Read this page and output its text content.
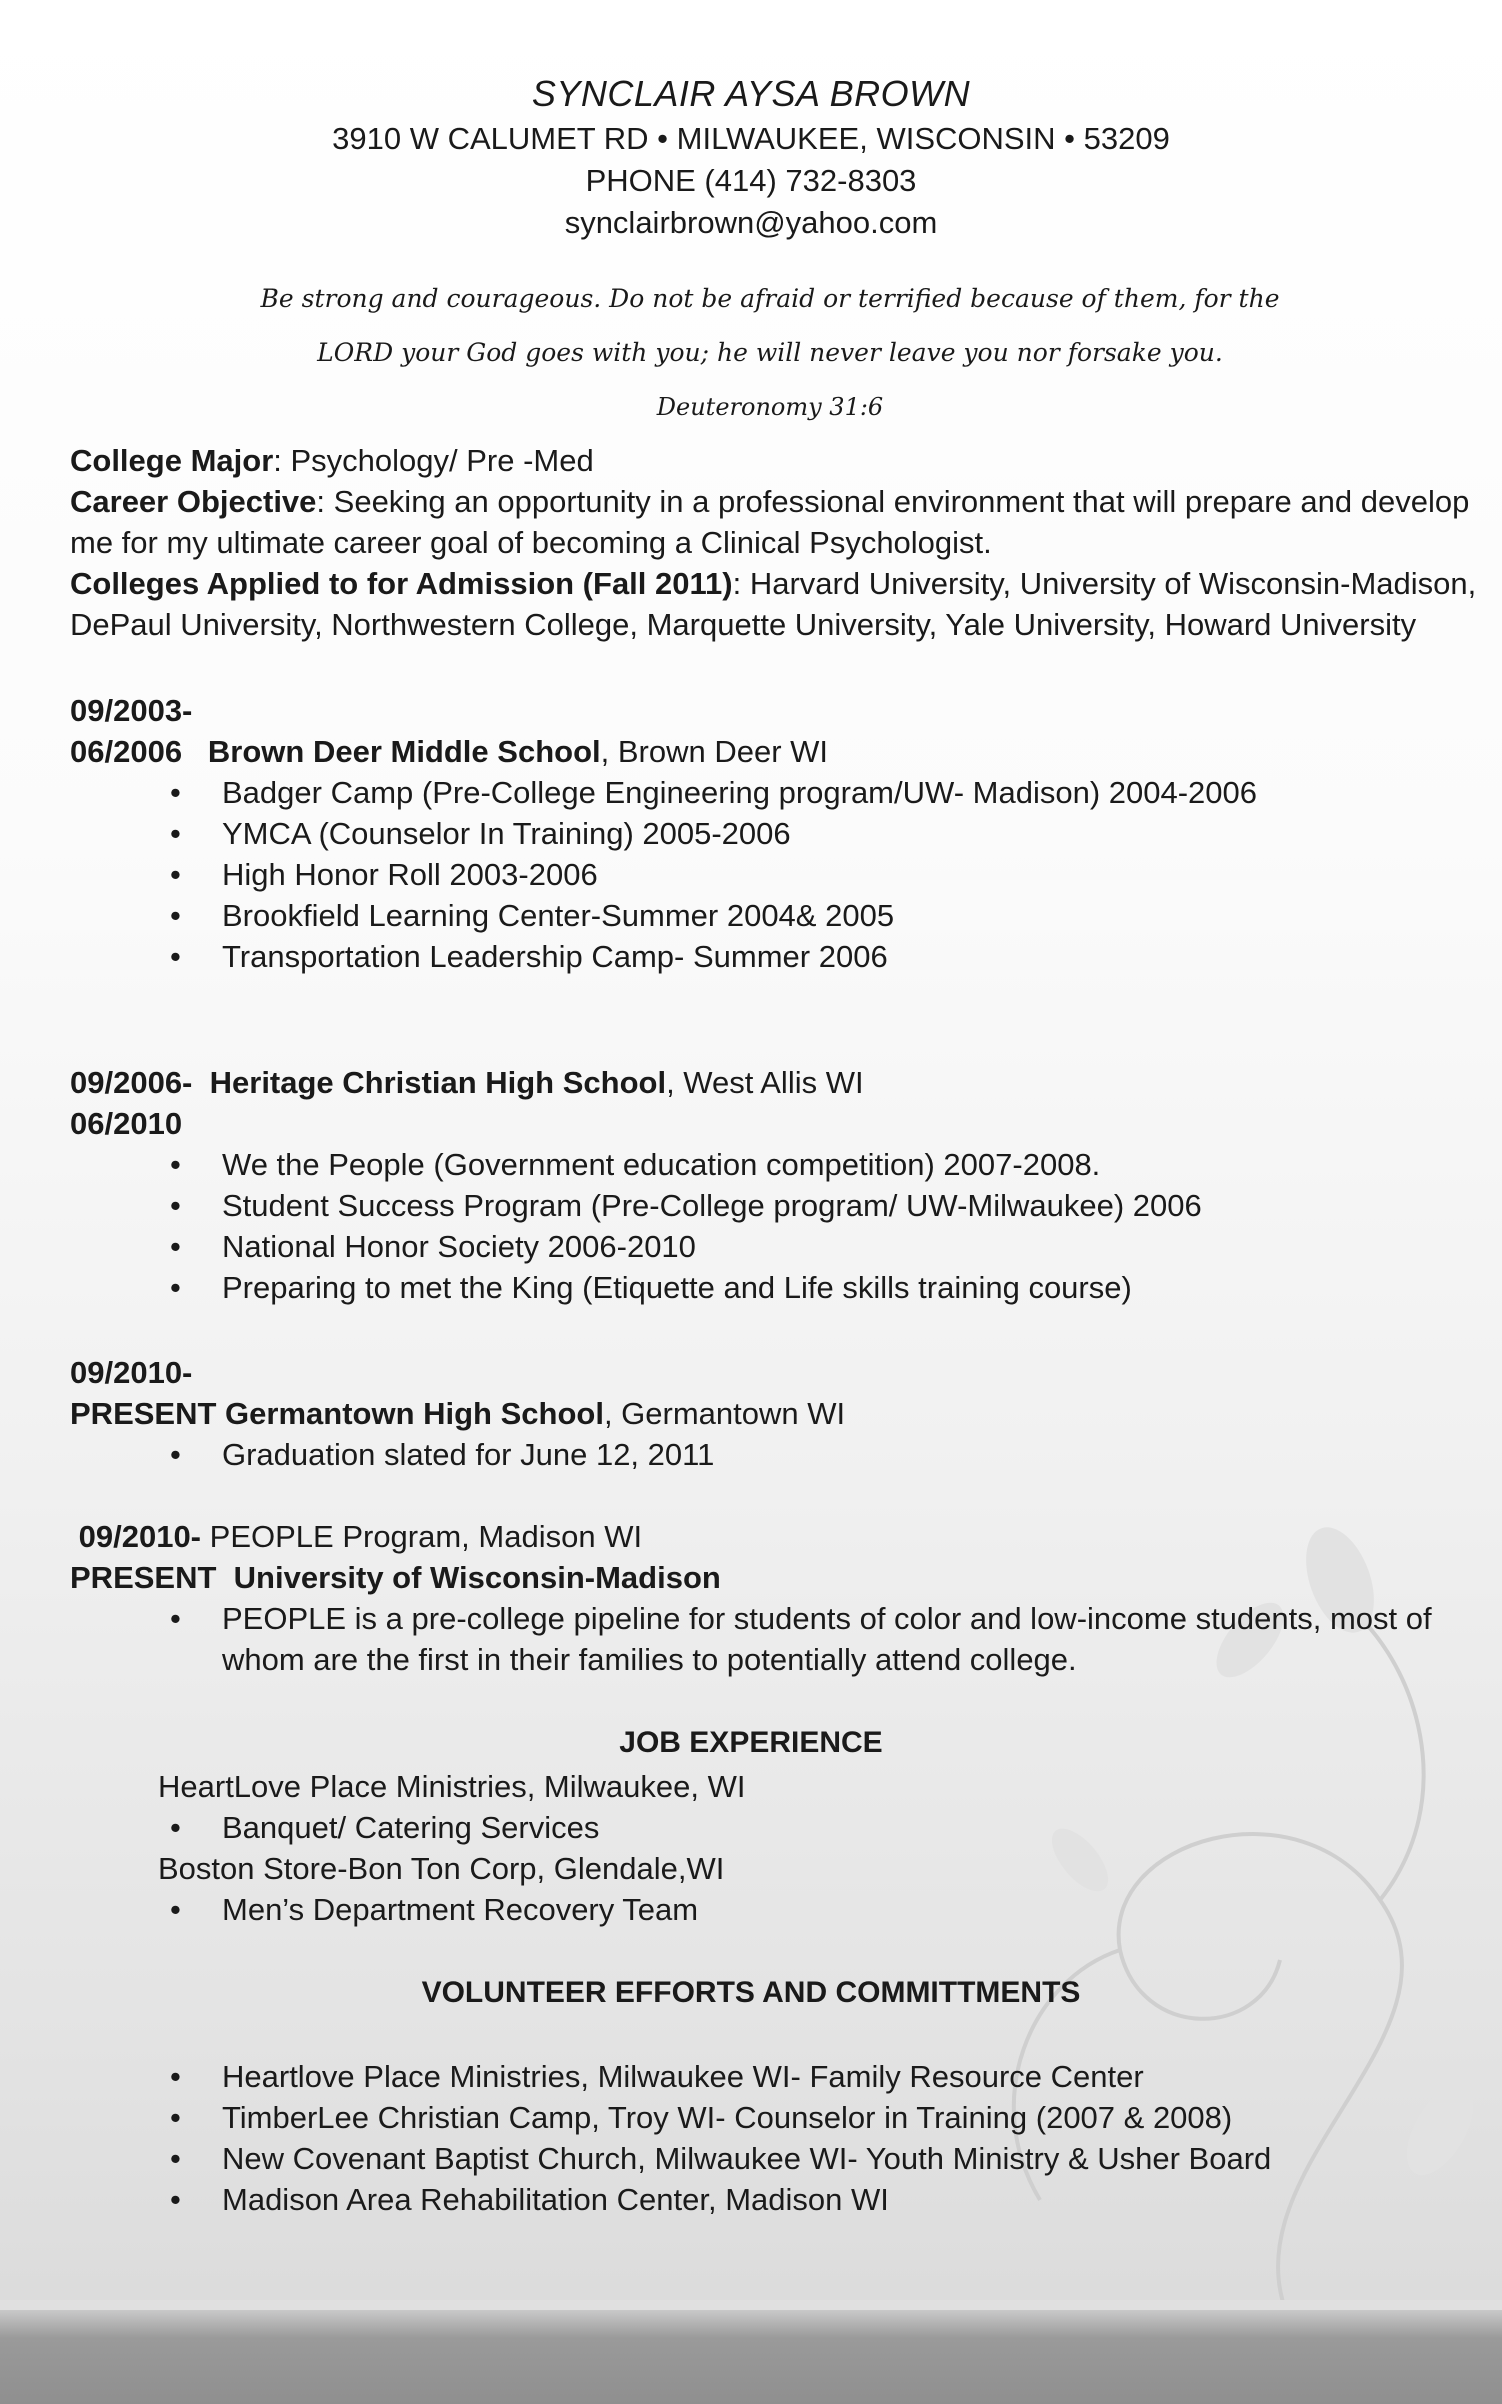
SYNCLAIR AYSA BROWN

3910 W CALUMET RD • MILWAUKEE, WISCONSIN • 53209

PHONE (414) 732-8303

synclairbrown@yahoo.com

Be strong and courageous. Do not be afraid or terrified because of them, for the
LORD your God goes with you; he will never leave you nor forsake you.
Deuteronomy 31:6

College Major: Psychology/ Pre -Med

Career Objective: Seeking an opportunity in a professional environment that will prepare and develop me for my ultimate career goal of becoming a Clinical Psychologist.

Colleges Applied to for Admission (Fall 2011): Harvard University, University of Wisconsin-Madison, DePaul University, Northwestern College, Marquette University, Yale University, Howard University

09/2003-
06/2006 Brown Deer Middle School, Brown Deer WI
• Badger Camp (Pre-College Engineering program/UW- Madison) 2004-2006
• YMCA (Counselor In Training) 2005-2006
• High Honor Roll 2003-2006
• Brookfield Learning Center-Summer 2004& 2005
• Transportation Leadership Camp- Summer 2006
09/2006- Heritage Christian High School, West Allis WI
06/2010
• We the People (Government education competition) 2007-2008.
• Student Success Program (Pre-College program/ UW-Milwaukee) 2006
• National Honor Society 2006-2010
• Preparing to met the King (Etiquette and Life skills training course)
09/2010-
PRESENT Germantown High School, Germantown WI
• Graduation slated for June 12, 2011
09/2010- PEOPLE Program, Madison WI
PRESENT University of Wisconsin-Madison
• PEOPLE is a pre-college pipeline for students of color and low-income students, most of whom are the first in their families to potentially attend college.
JOB EXPERIENCE
HeartLove Place Ministries, Milwaukee, WI
• Banquet/ Catering Services
Boston Store-Bon Ton Corp, Glendale,WI
• Men’s Department Recovery Team
VOLUNTEER EFFORTS AND COMMITTMENTS
• Heartlove Place Ministries, Milwaukee WI- Family Resource Center
• TimberLee Christian Camp, Troy WI- Counselor in Training (2007 & 2008)
• New Covenant Baptist Church, Milwaukee WI- Youth Ministry & Usher Board
• Madison Area Rehabilitation Center, Madison WI
